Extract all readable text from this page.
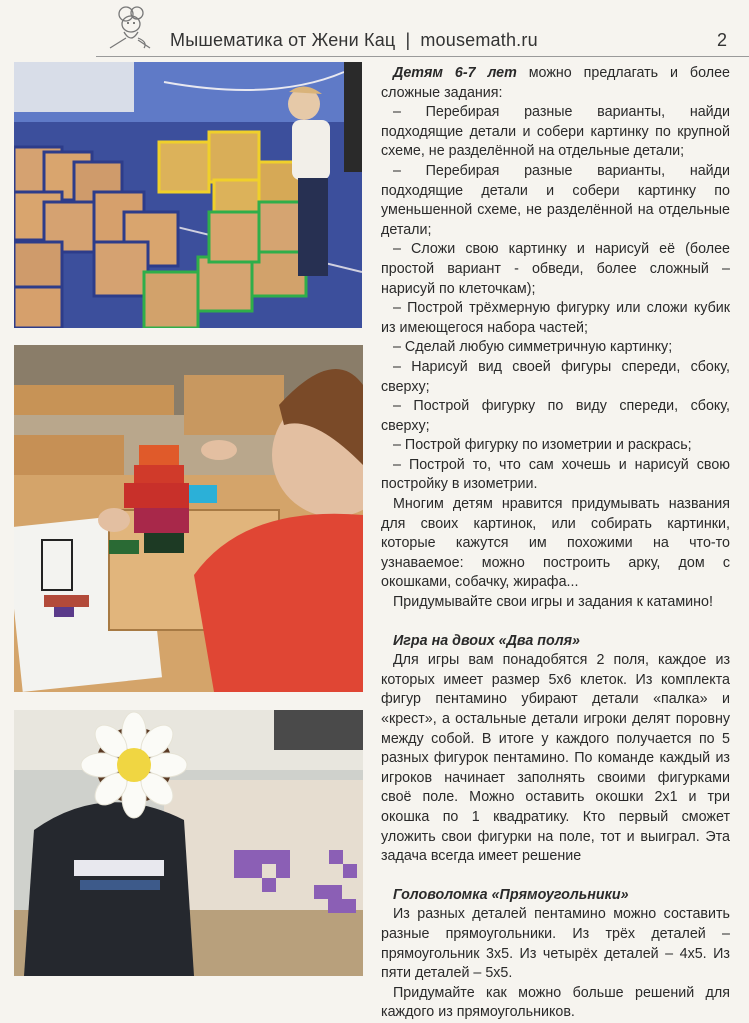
Мышематика от Жени Кац | mousemath.ru	2

Детям 6-7 лет можно предлагать и более сложные задания:

– Перебирая разные варианты, найди подходящие детали и собери картинку по крупной схеме, не разделённой на отдельные детали;

– Перебирая разные варианты, найди подходящие детали и собери картинку по уменьшенной схеме, не разделённой на отдельные детали;

– Сложи свою картинку и нарисуй её (более простой вариант - обведи, более сложный – нарисуй по клеточкам);

– Построй трёхмерную фигурку или сложи кубик из имеющегося набора частей;

– Сделай любую симметричную картинку;

– Нарисуй вид своей фигуры спереди, сбоку, сверху;

– Построй фигурку по виду спереди, сбоку, сверху;

– Построй фигурку по изометрии и раскрась;

– Построй то, что сам хочешь и нарисуй свою постройку в изометрии.

Многим детям нравится придумывать названия для своих картинок, или собирать картинки, которые кажутся им похожими на что-то узнаваемое: можно построить арку, дом с окошками, собачку, жирафа...

Придумывайте свои игры и задания к катамино!

Игра на двоих «Два поля»

Для игры вам понадобятся 2 поля, каждое из которых имеет размер 5х6 клеток. Из комплекта фигур пентамино убирают детали «палка» и «крест», а остальные детали игроки делят поровну между собой. В итоге у каждого получается по 5 разных фигурок пентамино. По команде каждый из игроков начинает заполнять своими фигурками своё поле. Можно оставить окошки 2х1 и три окошка по 1 квадратику. Кто первый сможет уложить свои фигурки на поле, тот и выиграл. Эта задача всегда имеет решение

Головоломка «Прямоугольники»

Из разных деталей пентамино можно составить разные прямоугольники. Из трёх деталей – прямоугольник 3х5. Из четырёх деталей – 4х5. Из пяти деталей – 5х5.

Придумайте как можно больше решений для каждого из прямоугольников.
